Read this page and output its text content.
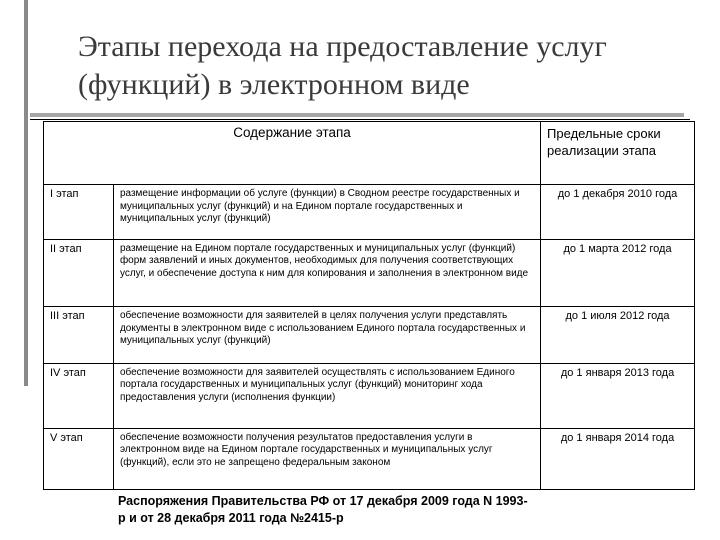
Этапы перехода на предоставление услуг
(функций) в электронном виде
Содержание этапа		Предельные сроки
реализации этапа

I этап	размещение информации об услуге (функции) в Сводном реестре государственных и муниципальных услуг (функций) и на Едином портале государственных и муниципальных услуг (функций)	до 1 декабря 2010 года
II этап	размещение на Едином портале государственных и муниципальных услуг (функций) форм заявлений и иных документов, необходимых для получения соответствующих услуг, и обеспечение доступа к ним для копирования и заполнения в электронном виде	до 1 марта 2012 года
III этап	обеспечение возможности для заявителей в целях получения услуги представлять документы в электронном виде с использованием Единого портала государственных и муниципальных услуг (функций)	до 1 июля 2012 года
IV этап	обеспечение возможности для заявителей осуществлять с использованием Единого портала государственных и муниципальных услуг (функций) мониторинг хода предоставления услуги (исполнения функции)	до 1 января 2013 года
V этап	обеспечение возможности получения результатов предоставления услуги в электронном виде на Едином портале государственных и муниципальных услуг (функций), если это не запрещено федеральным законом	до 1 января 2014 года

Распоряжения Правительства РФ от 17 декабря 2009 года N 1993-
р и от 28 декабря 2011 года №2415-р
